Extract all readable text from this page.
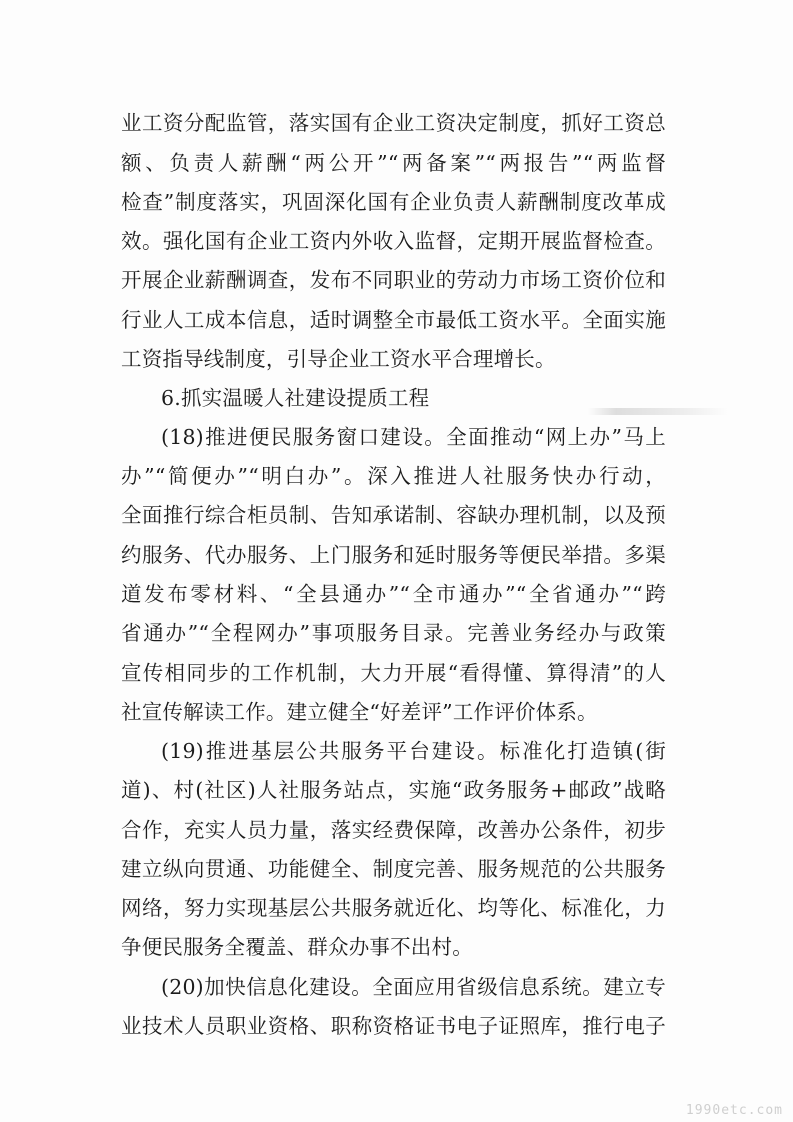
业工资分配监管，落实国有企业工资决定制度，抓好工资总
额、负责人薪酬“两公开”“两备案”“两报告”“两监督
检查”制度落实，巩固深化国有企业负责人薪酬制度改革成
效。强化国有企业工资内外收入监督，定期开展监督检查。
开展企业薪酬调查，发布不同职业的劳动力市场工资价位和
行业人工成本信息，适时调整全市最低工资水平。全面实施
工资指导线制度，引导企业工资水平合理增长。
6.抓实温暖人社建设提质工程
(18)推进便民服务窗口建设。全面推动“网上办”马上
办”“简便办”“明白办”。深入推进人社服务快办行动，
全面推行综合柜员制、告知承诺制、容缺办理机制，以及预
约服务、代办服务、上门服务和延时服务等便民举措。多渠
道发布零材料、“全县通办”“全市通办”“全省通办”“跨
省通办”“全程网办”事项服务目录。完善业务经办与政策
宣传相同步的工作机制，大力开展“看得懂、算得清”的人
社宣传解读工作。建立健全“好差评”工作评价体系。
(19)推进基层公共服务平台建设。标准化打造镇(街
道)、村(社区)人社服务站点，实施“政务服务+邮政”战略
合作，充实人员力量，落实经费保障，改善办公条件，初步
建立纵向贯通、功能健全、制度完善、服务规范的公共服务
网络，努力实现基层公共服务就近化、均等化、标准化，力
争便民服务全覆盖、群众办事不出村。
(20)加快信息化建设。全面应用省级信息系统。建立专
业技术人员职业资格、职称资格证书电子证照库，推行电子
1990etc.com
